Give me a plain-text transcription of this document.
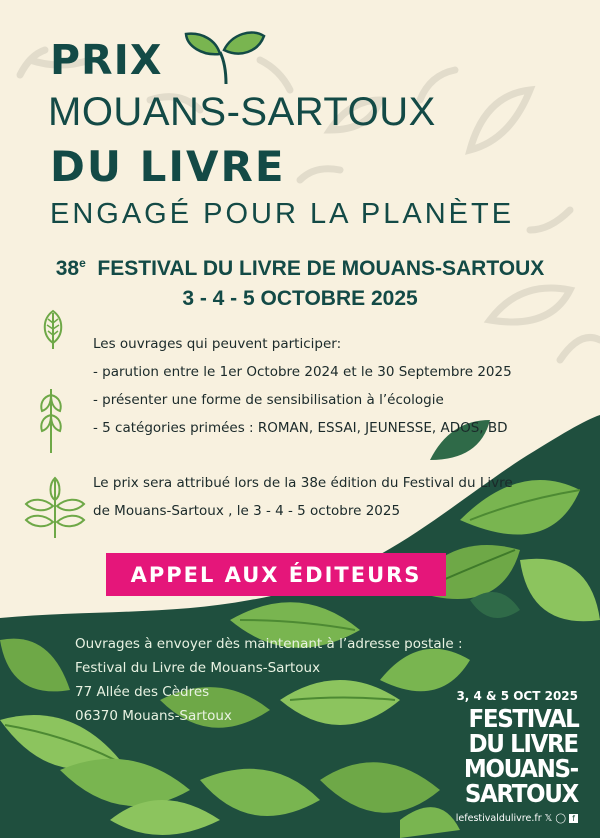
PRIX
MOUANS-SARTOUX
DU LIVRE
ENGAGÉ POUR LA PLANÈTE
38e FESTIVAL DU LIVRE DE MOUANS-SARTOUX
3 - 4 - 5 OCTOBRE 2025
Les ouvrages qui peuvent participer:
- parution entre le 1er Octobre 2024 et le 30 Septembre 2025
- présenter une forme de sensibilisation à l’écologie
- 5 catégories primées : ROMAN, ESSAI, JEUNESSE, ADOS, BD
Le prix sera attribué lors de la 38e édition du Festival du Livre
de Mouans-Sartoux , le 3 - 4 - 5 octobre 2025
APPEL AUX ÉDITEURS
Ouvrages à envoyer dès maintenant à l’adresse postale :
Festival du Livre de Mouans-Sartoux
77 Allée des Cèdres
06370 Mouans-Sartoux
3, 4 & 5 OCT 2025
FESTIVAL
DU LIVRE
MOUANS-
SARTOUX
lefestivaldulivre.fr 𝕏 ◯ f
